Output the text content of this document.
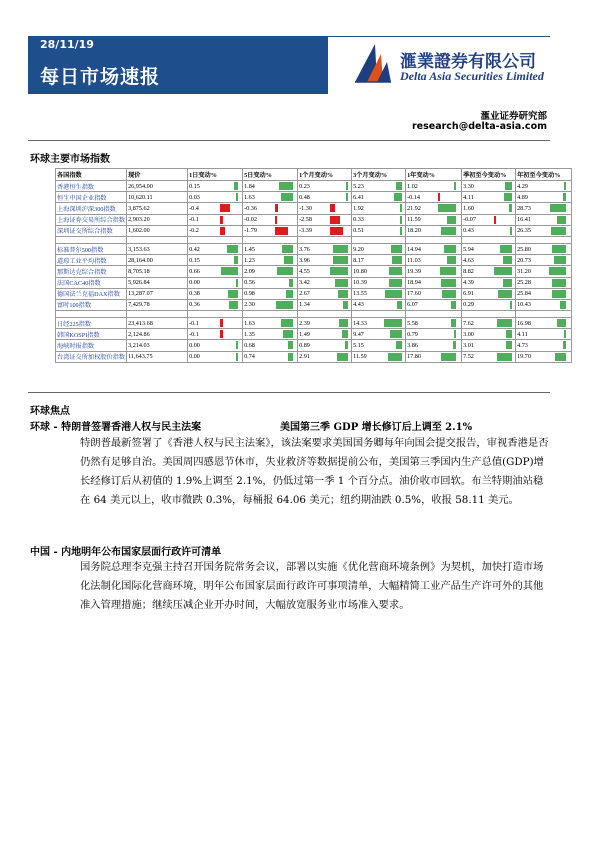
28/11/19
每日市场速报
滙業證券有限公司
Delta Asia Securities Limited
滙业证券研究部
research@delta-asia.com
环球主要市场指数
各国指数	现价	1日变动%	5日变动%	1个月变动%	3个月变动%	1年变动%	季初至今变动%	年初至今变动%
香港恒生指数	26,954.00	0.15	1.84	0.23	5.23	1.02	3.30	4.29

恒生中国企业指数	10,620.11	0.03	1.63	0.48	6.41	-0.14	4.11	4.89

上海深圳沪深300指数	3,875.62	-0.4	-0.36	-1.30	1.92	21.92	1.60	28.73

上海证券交易所综合指数	2,903.20	-0.1	-0.02	-2.58	0.33	11.59	-0.07	16.41

深圳证交所综合指数	1,602.00	-0.2	-1.79	-3.39	0.51	18.20	0.43	26.35

标准普尔500指数	3,153.63	0.42	1.45	3.76	9.20	14.94	5.94	25.80

道琼工业平均指数	28,164.00	0.15	1.23	3.96	8.17	11.03	4.63	20.73

那斯达克综合指数	8,705.18	0.66	2.09	4.55	10.80	19.39	8.82	31.20

法国CAC40指数	5,926.84	0.00	0.56	3.42	10.39	18.94	4.39	25.28

德国法兰克福DAX指数	13,287.07	0.38	0.98	2.67	13.55	17.60	6.91	25.84

富时100指数	7,429.78	0.36	2.30	1.34	4.43	6.07	0.29	10.43

日经225指数	23,413.68	-0.1	1.63	2.39	14.33	5.58	7.62	16.98

韩国KOSPI指数	2,124.86	-0.1	1.35	1.49	9.47	0.79	3.00	4.11

海峡时报指数	3,214.03	0.00	0.68	0.89	5.15	3.86	3.01	4.73

台湾证交所加权股价指数	11,643.75	0.00	0.74	2.91	11.59	17.80	7.52	19.70
环球焦点
环球 - 特朗普签署香港人权与民主法案	美国第三季 GDP 增长修订后上调至 2.1%
特朗普最新签署了《香港人权与民主法案》，该法案要求美国国务卿每年向国会提交报告，审视香港是否仍然有足够自治。美国周四感恩节休市，失业救济等数据提前公布，美国第三季国内生产总值(GDP)增长经修订后从初值的 1.9%上调至 2.1%，仍低过第一季 1 个百分点。油价收市回软。布兰特期油站稳在 64 美元以上，收市微跌 0.3%，每桶报 64.06 美元；纽约期油跌 0.5%，收报 58.11 美元。
中国 - 内地明年公布国家层面行政许可清单
国务院总理李克强主持召开国务院常务会议，部署以实施《优化营商环境条例》为契机，加快打造市场化法制化国际化营商环境，明年公布国家层面行政许可事项清单，大幅精简工业产品生产许可外的其他准入管理措施；继续压减企业开办时间，大幅放宽服务业市场准入要求。
